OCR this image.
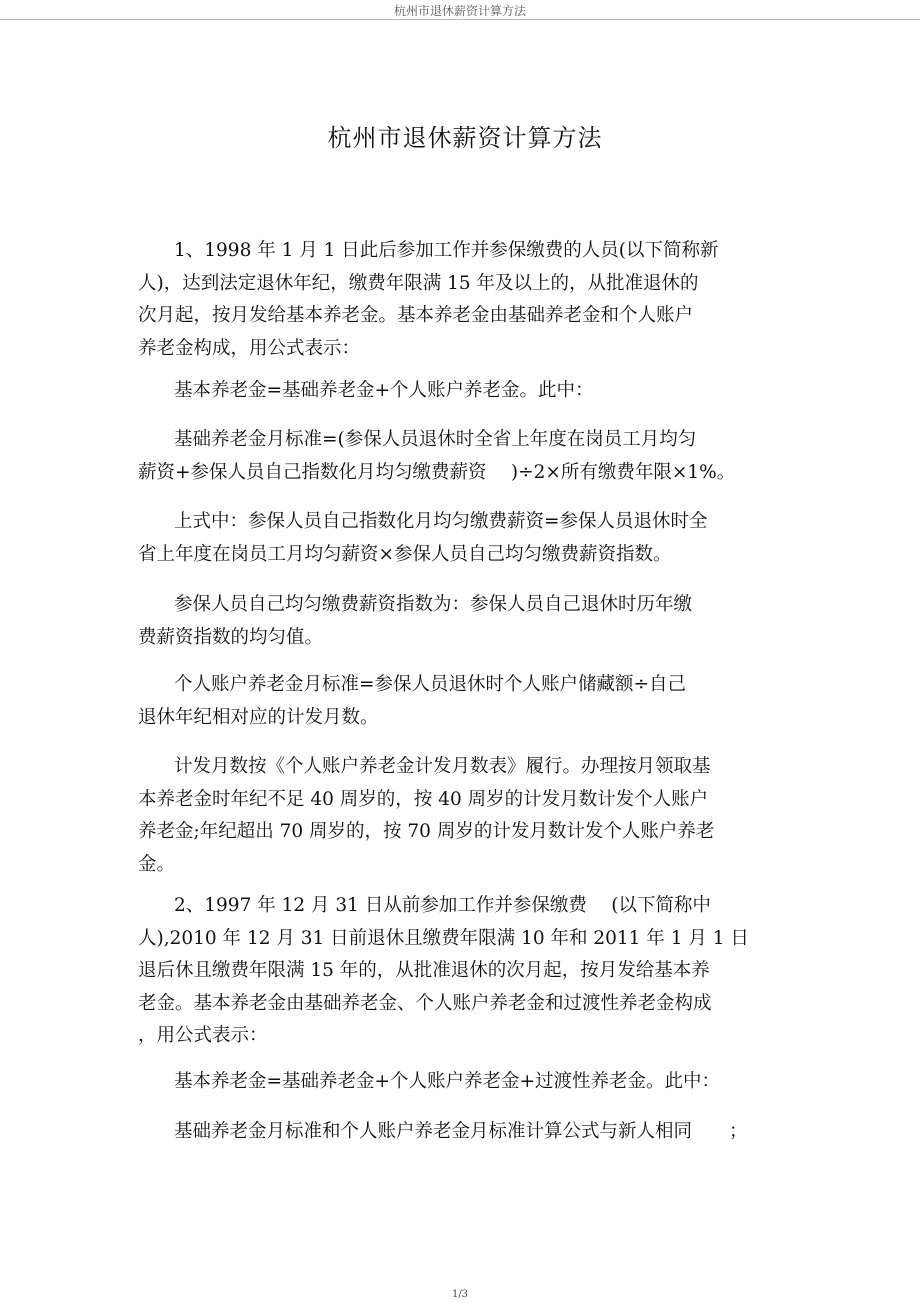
杭州市退休薪资计算方法
杭州市退休薪资计算方法
1、1998 年 1 月 1 日此后参加工作并参保缴费的人员(以下简称新
人)，达到法定退休年纪，缴费年限满 15 年及以上的，从批准退休的
次月起，按月发给基本养老金。基本养老金由基础养老金和个人账户
养老金构成，用公式表示：
基本养老金=基础养老金+个人账户养老金。此中：
基础养老金月标准=(参保人员退休时全省上年度在岗员工月均匀
薪资+参保人员自己指数化月均匀缴费薪资　 )÷2×所有缴费年限×1%。
上式中：参保人员自己指数化月均匀缴费薪资=参保人员退休时全
省上年度在岗员工月均匀薪资×参保人员自己均匀缴费薪资指数。
参保人员自己均匀缴费薪资指数为：参保人员自己退休时历年缴
费薪资指数的均匀值。
个人账户养老金月标准=参保人员退休时个人账户储藏额÷自己
退休年纪相对应的计发月数。
计发月数按《个人账户养老金计发月数表》履行。办理按月领取基
本养老金时年纪不足 40 周岁的，按 40 周岁的计发月数计发个人账户
养老金;年纪超出 70 周岁的，按 70 周岁的计发月数计发个人账户养老
金。
2、1997 年 12 月 31 日从前参加工作并参保缴费　 (以下简称中
人),2010 年 12 月 31 日前退休且缴费年限满 10 年和 2011 年 1 月 1 日
退后休且缴费年限满 15 年的，从批准退休的次月起，按月发给基本养
老金。基本养老金由基础养老金、个人账户养老金和过渡性养老金构成
，用公式表示：
基本养老金=基础养老金+个人账户养老金+过渡性养老金。此中：
基础养老金月标准和个人账户养老金月标准计算公式与新人相同　　；
1/3
